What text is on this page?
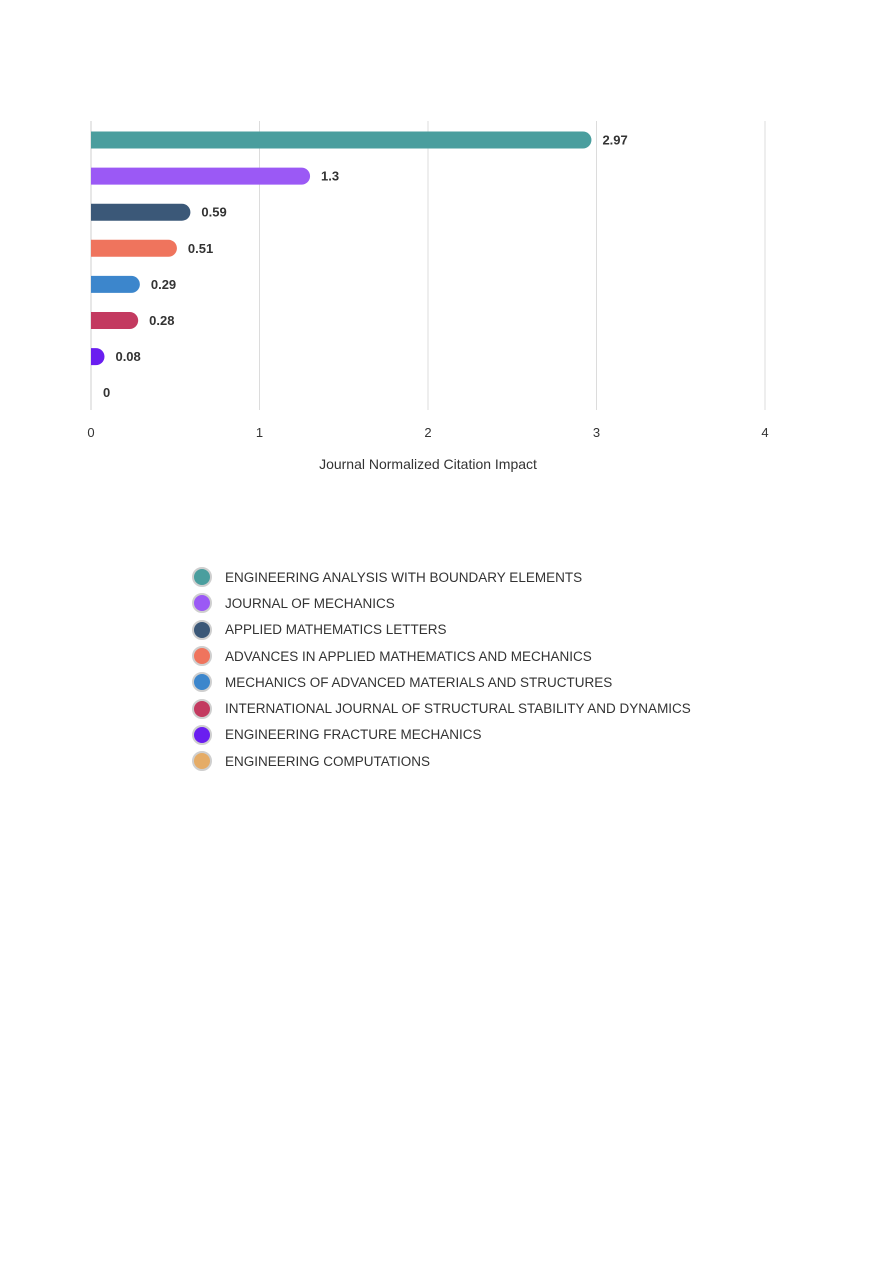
2.97
1.3
0.59
0.51
0.29
0.28
0.08
0
0	1	2	3	4
Journal Normalized Citation Impact
ENGINEERING ANALYSIS WITH BOUNDARY ELEMENTS
JOURNAL OF MECHANICS
APPLIED MATHEMATICS LETTERS
ADVANCES IN APPLIED MATHEMATICS AND MECHANICS
MECHANICS OF ADVANCED MATERIALS AND STRUCTURES
INTERNATIONAL JOURNAL OF STRUCTURAL STABILITY AND DYNAMICS
ENGINEERING FRACTURE MECHANICS
ENGINEERING COMPUTATIONS
